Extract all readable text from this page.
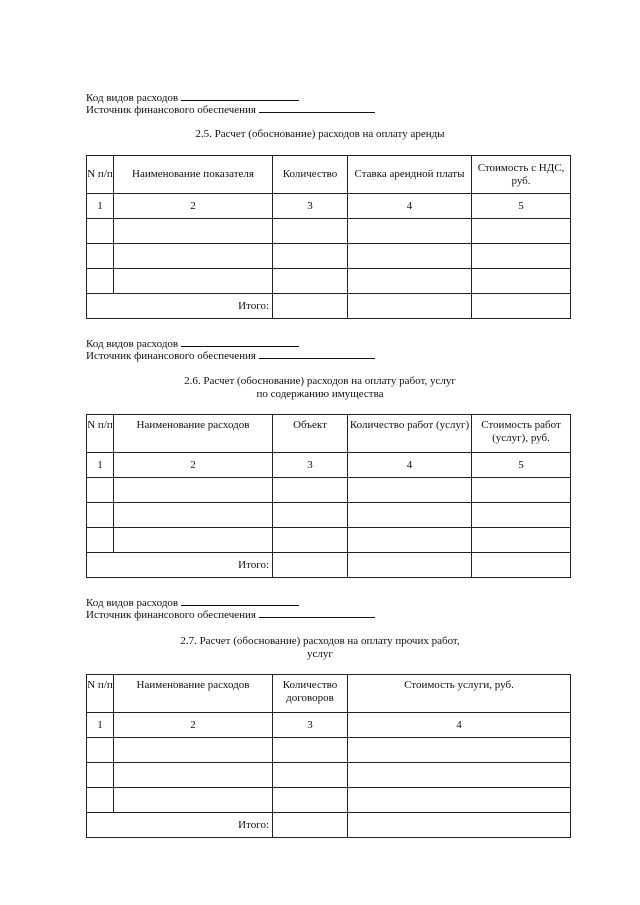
Код видов расходов
Источник финансового обеспечения
2.5. Расчет (обоснование) расходов на оплату аренды
N п/п	Наименование показателя	Количество	Ставка арендной платы	Стоимость с НДС, руб.
1	2	3	4	5

Итого:				
Код видов расходов
Источник финансового обеспечения
2.6. Расчет (обоснование) расходов на оплату работ, услуг
по содержанию имущества
N п/п	Наименование расходов	Объект	Количество работ (услуг)	Стоимость работ (услуг), руб.
1	2	3	4	5

Итого:				
Код видов расходов
Источник финансового обеспечения
2.7. Расчет (обоснование) расходов на оплату прочих работ,
услуг
N п/п	Наименование расходов	Количество договоров	Стоимость услуги, руб.
1	2	3	4

Итого:			
